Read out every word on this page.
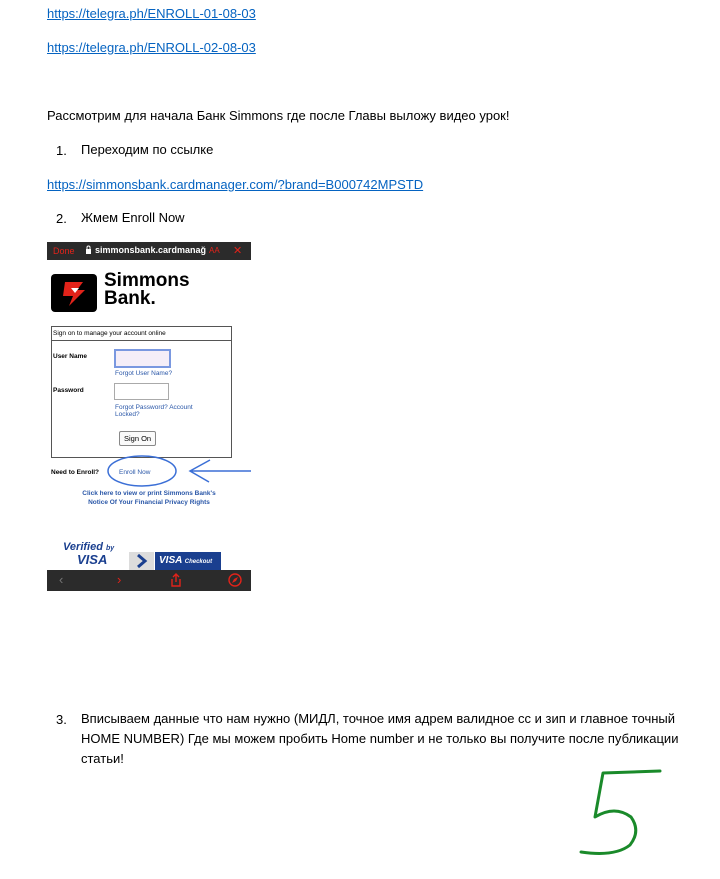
https://telegra.ph/ENROLL-01-08-03
https://telegra.ph/ENROLL-02-08-03
Рассмотрим для начала Банк Simmons где после Главы выложу видео урок!
1. Переходим по ссылке
https://simmonsbank.cardmanager.com/?brand=B000742MPSTD
2. Жмем Enroll Now
Done simmonsbank.cardmanağ AA ✕
Simmons
Bank.
Sign on to manage your account online
User Name
Forgot User Name?
Password
Forgot Password? Account Locked?
Sign On
Need to Enroll?	Enroll Now
Click here to view or print Simmons Bank's
Notice Of Your Financial Privacy Rights
Verified by
VISA	VISA Checkout
‹	›
3. Вписываем данные что нам нужно (МИДЛ, точное имя адрем валидное сс и зип и главное точный HOME NUMBER) Где мы можем пробить Home number и не только вы получите после публикации статьи!
